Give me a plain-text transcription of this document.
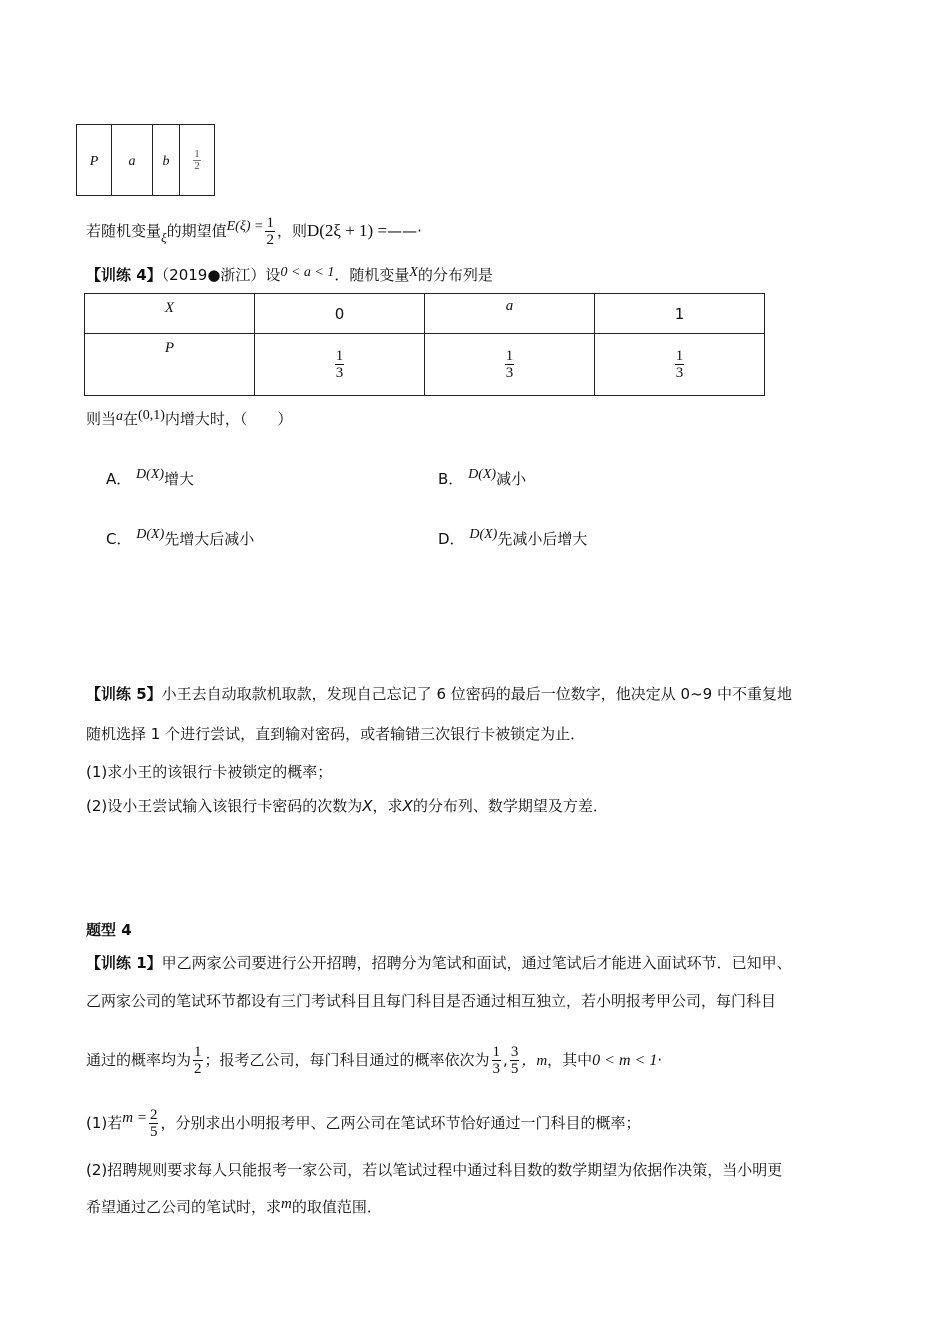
P	a	b	$\frac{1}{2}$
若随机变量ξ的期望值$E(\xi) = \frac{1}{2}$ ，则D(2ξ + 1) =——·
【训练 4】（2019●浙江）设0 < a < 1．随机变量X的分布列是
X	0	a	1
P	$\frac{1}{3}$	$\frac{1}{3}$	$\frac{1}{3}$
则当a在(0,1)内增大时，（　　）
A． D(X)增大	B． D(X)减小
C． D(X)先增大后减小	D． D(X)先减小后增大
【训练 5】小王去自动取款机取款，发现自己忘记了 6 位密码的最后一位数字，他决定从 0~9 中不重复地
随机选择 1 个进行尝试，直到输对密码，或者输错三次银行卡被锁定为止．
(1)求小王的该银行卡被锁定的概率；
(2)设小王尝试输入该银行卡密码的次数为X，求X的分布列、数学期望及方差．
题型 4
【训练 1】甲乙两家公司要进行公开招聘，招聘分为笔试和面试，通过笔试后才能进入面试环节．已知甲、
乙两家公司的笔试环节都设有三门考试科目且每门科目是否通过相互独立，若小明报考甲公司，每门科目
通过的概率均为 $\frac{1}{2}$ ；报考乙公司，每门科目通过的概率依次为 $\frac{1}{3}$ , $\frac{3}{5}$ ，m，其中0 < m < 1·
(1)若$m = \frac{2}{5}$ ，分别求出小明报考甲、乙两公司在笔试环节恰好通过一门科目的概率；
(2)招聘规则要求每人只能报考一家公司，若以笔试过程中通过科目数的数学期望为依据作决策，当小明更
希望通过乙公司的笔试时，求m的取值范围．
